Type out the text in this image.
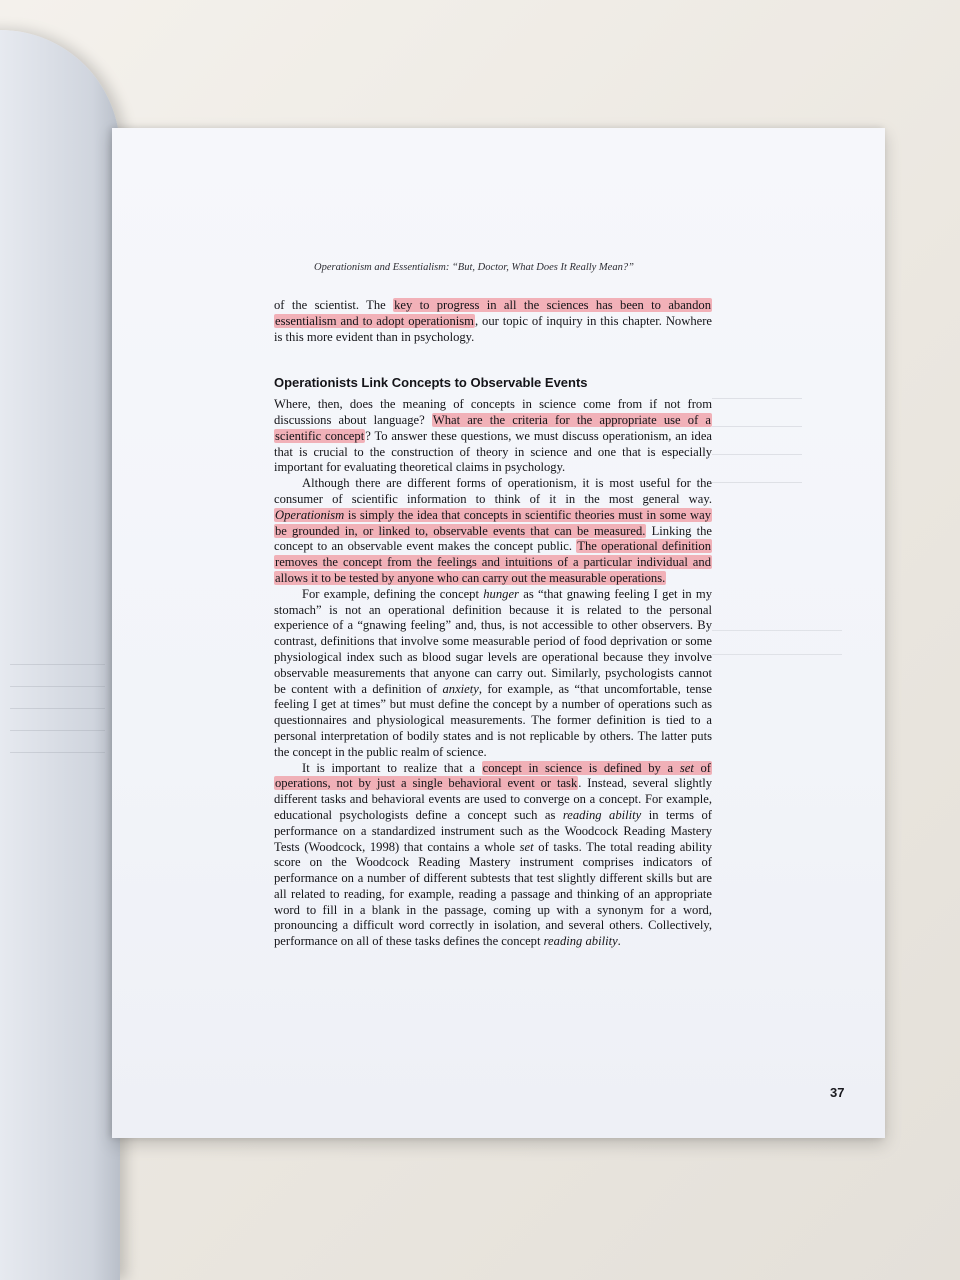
Operationism and Essentialism: “But, Doctor, What Does It Really Mean?”

of the scientist. The key to progress in all the sciences has been to abandon essentialism and to adopt operationism, our topic of inquiry in this chapter. Nowhere is this more evident than in psychology.

Operationists Link Concepts to Observable Events

Where, then, does the meaning of concepts in science come from if not from discussions about language? What are the criteria for the appropriate use of a scientific concept? To answer these questions, we must discuss operationism, an idea that is crucial to the construction of theory in science and one that is especially important for evaluating theoretical claims in psychology.

Although there are different forms of operationism, it is most useful for the consumer of scientific information to think of it in the most general way. Operationism is simply the idea that concepts in scientific theories must in some way be grounded in, or linked to, observable events that can be measured. Linking the concept to an observable event makes the concept public. The operational definition removes the concept from the feelings and intuitions of a particular individual and allows it to be tested by anyone who can carry out the measurable operations.

For example, defining the concept hunger as “that gnawing feeling I get in my stomach” is not an operational definition because it is related to the personal experience of a “gnawing feeling” and, thus, is not accessible to other observers. By contrast, definitions that involve some measurable period of food deprivation or some physiological index such as blood sugar levels are operational because they involve observable measurements that anyone can carry out. Similarly, psychologists cannot be content with a definition of anxiety, for example, as “that uncomfortable, tense feeling I get at times” but must define the concept by a number of operations such as questionnaires and physiological measurements. The former definition is tied to a personal interpretation of bodily states and is not replicable by others. The latter puts the concept in the public realm of science.

It is important to realize that a concept in science is defined by a set of operations, not by just a single behavioral event or task. Instead, several slightly different tasks and behavioral events are used to converge on a concept. For example, educational psychologists define a concept such as reading ability in terms of performance on a standardized instrument such as the Woodcock Reading Mastery Tests (Woodcock, 1998) that contains a whole set of tasks. The total reading ability score on the Woodcock Reading Mastery instrument comprises indicators of performance on a number of different subtests that test slightly different skills but are all related to reading, for example, reading a passage and thinking of an appropriate word to fill in a blank in the passage, coming up with a synonym for a word, pronouncing a difficult word correctly in isolation, and several others. Collectively, performance on all of these tasks defines the concept reading ability.

37
